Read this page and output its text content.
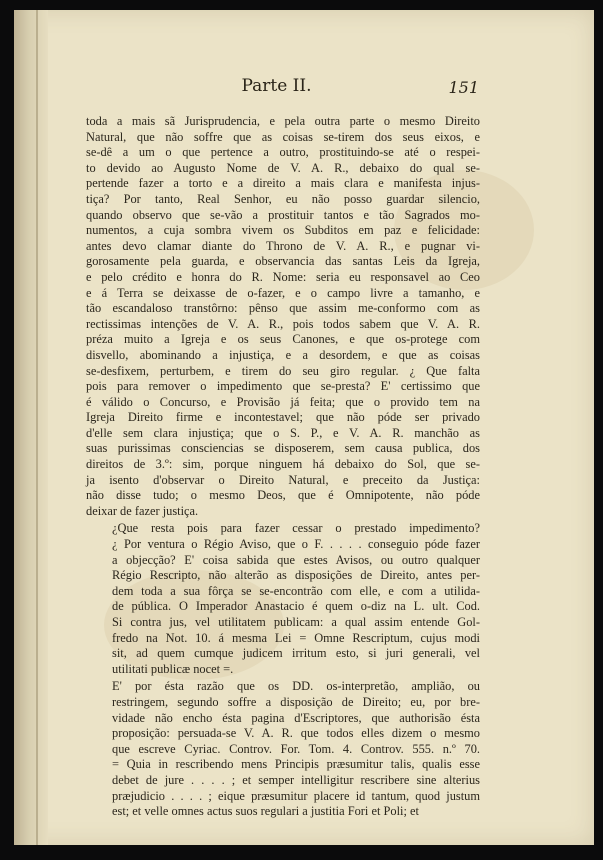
Parte II.	151
toda a mais sã Jurisprudencia, e pela outra parte o mesmo Direito
Natural, que não soffre que as coisas se-tirem dos seus eixos, e
se-dê a um o que pertence a outro, prostituindo-se até o respei-
to devido ao Augusto Nome de V. A. R., debaixo do qual se-
pertende fazer a torto e a direito a mais clara e manifesta injus-
tiça? Por tanto, Real Senhor, eu não posso guardar silencio,
quando observo que se-vão a prostituir tantos e tão Sagrados mo-
numentos, a cuja sombra vivem os Subditos em paz e felicidade:
antes devo clamar diante do Throno de V. A. R., e pugnar vi-
gorosamente pela guarda, e observancia das santas Leis da Igreja,
e pelo crédito e honra do R. Nome: seria eu responsavel ao Ceo
e á Terra se deixasse de o-fazer, e o campo livre a tamanho, e
tão escandaloso transtôrno: pênso que assim me-conformo com as
rectissimas intenções de V. A. R., pois todos sabem que V. A. R.
préza muito a Igreja e os seus Canones, e que os-protege com
disvello, abominando a injustiça, e a desordem, e que as coisas
se-desfixem, perturbem, e tirem do seu giro regular. ¿ Que falta
pois para remover o impedimento que se-presta? E' certissimo que
é válido o Concurso, e Provisão já feita; que o provido tem na
Igreja Direito firme e incontestavel; que não póde ser privado
d'elle sem clara injustiça; que o S. P., e V. A. R. manchão as
suas purissimas consciencias se disposerem, sem causa publica, dos
direitos de 3.º: sim, porque ninguem há debaixo do Sol, que se-
ja isento d'observar o Direito Natural, e preceito da Justiça:
não disse tudo; o mesmo Deos, que é Omnipotente, não póde
deixar de fazer justiça.
¿Que resta pois para fazer cessar o prestado impedimento?
¿ Por ventura o Régio Aviso, que o F. . . . . conseguio póde fazer
a objecção? E' coisa sabida que estes Avisos, ou outro qualquer
Régio Rescripto, não alterão as disposições de Direito, antes per-
dem toda a sua fôrça se se-encontrão com elle, e com a utilida-
de pública. O Imperador Anastacio é quem o-diz na L. ult. Cod.
Si contra jus, vel utilitatem publicam: a qual assim entende Gol-
fredo na Not. 10. á mesma Lei = Omne Rescriptum, cujus modi
sit, ad quem cumque judicem irritum esto, si juri generali, vel
utilitati publicæ nocet =.
E' por ésta razão que os DD. os-interpretão, amplião, ou
restringem, segundo soffre a disposição de Direito; eu, por bre-
vidade não encho ésta pagina d'Escriptores, que authorisão ésta
proposição: persuada-se V. A. R. que todos elles dizem o mesmo
que escreve Cyriac. Controv. For. Tom. 4. Controv. 555. n.º 70.
= Quia in rescribendo mens Principis præsumitur talis, qualis esse
debet de jure . . . . ; et semper intelligitur rescribere sine alterius
præjudicio . . . . ; eique præsumitur placere id tantum, quod justum
est; et velle omnes actus suos regulari a justitia Fori et Poli; et
